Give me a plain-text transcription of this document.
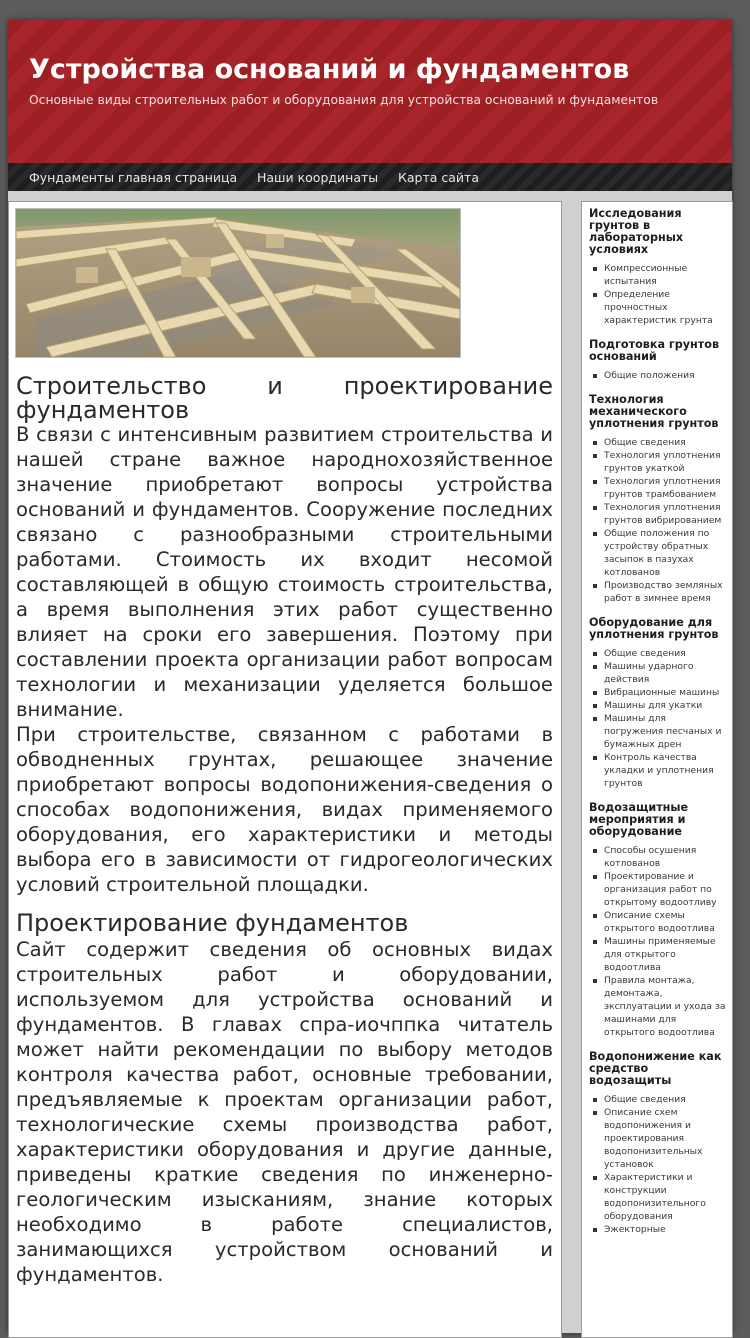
Устройства оснований и фундаментов
Основные виды строительных работ и оборудования для устройства оснований и фундаментов
Фундаменты главная страница Наши координаты Карта сайта
Строительство и проектирование фундаментов

В связи с интенсивным развитием строительства и нашей стране важное народнохозяйственное значение приобретают вопросы устройства оснований и фундаментов. Сооружение последних связано с разнообразными строительными работами. Стоимость их входит несомой составляющей в общую стоимость строительства, а время выполнения этих работ существенно влияет на сроки его завершения. Поэтому при составлении проекта организации работ вопросам технологии и механизации уделяется большое внимание.

При строительстве, связанном с работами в обводненных грунтах, решающее значение приобретают вопросы водопонижения-сведения о способах водопонижения, видах применяемого оборудования, его характеристики и методы выбора его в зависимости от гидрогеологических условий строительной площадки.

Проектирование фундаментов

Сайт содержит сведения об основных видах строительных работ и оборудовании, используемом для устройства оснований и фундаментов. В главах спра-иочппка читатель может найти рекомендации по выбору методов контроля качества работ, основные требовании, предъявляемые к проектам организации работ, технологические схемы производства работ, характеристики оборудования и другие данные, приведены краткие сведения по инженерно-геологическим изысканиям, знание которых необходимо в работе специалистов, занимающихся устройством оснований и фундаментов.

Исследования грунтов в лабораторных условиях
Компрессионные испытания
Определение прочностных характеристик грунта
Подготовка грунтов оснований
Общие положения
Технология механического уплотнения грунтов
Общие сведения
Технология уплотнения грунтов укаткой
Технология уплотнения грунтов трамбованием
Технология уплотнения грунтов вибрированием
Общие положения по устройству обратных засыпок в пазухах котлованов
Производство земляных работ в зимнее время
Оборудование для уплотнения грунтов
Общие сведения
Машины ударного действия
Вибрационные машины
Машины для укатки
Машины для погружения песчаных и бумажных дрен
Контроль качества укладки и уплотнения грунтов
Водозащитные мероприятия и оборудование
Способы осушения котлованов
Проектирование и организация работ по открытому водоотливу
Описание схемы открытого водоотлива
Машины применяемые для открытого водоотлива
Правила монтажа, демонтажа, эксплуатации и ухода за машинами для открытого водоотлива
Водопонижение как средство водозащиты
Общие сведения
Описание схем водопонижения и проектирования водопонизительных установок
Характеристики и конструкции водопонизительного оборудования
Эжекторные
